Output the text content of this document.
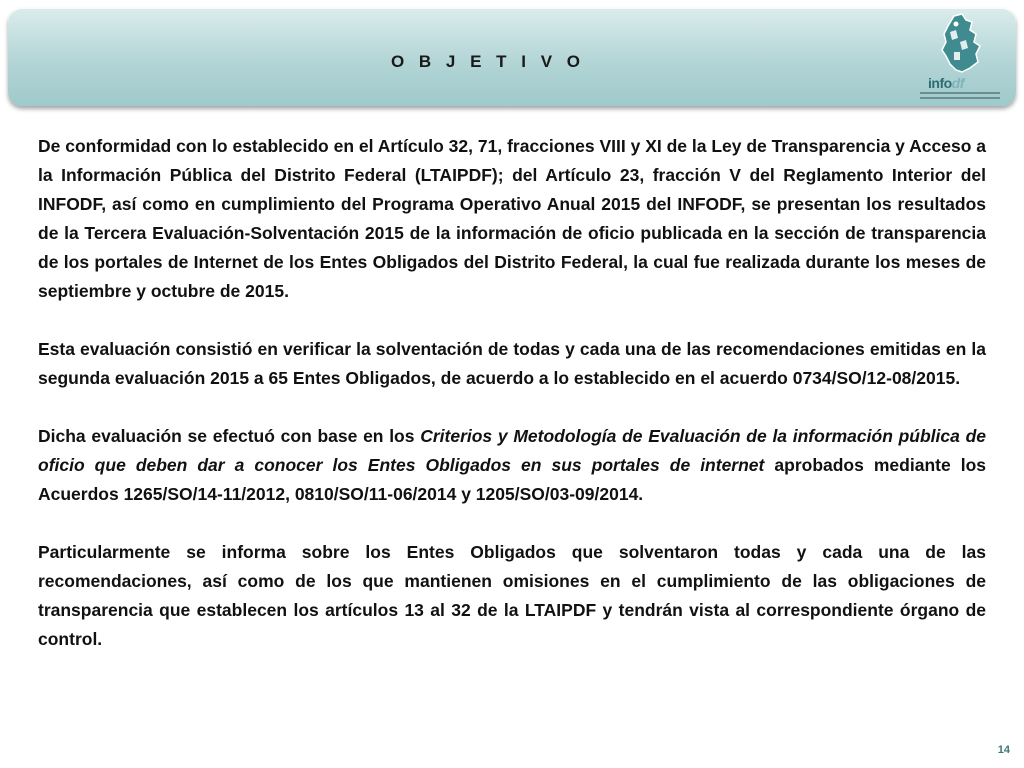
O B J E T I V O
infodf

De conformidad con lo establecido en el Artículo 32, 71, fracciones VIII y XI de la Ley de Transparencia y Acceso a la Información Pública del Distrito Federal (LTAIPDF); del Artículo 23, fracción V del Reglamento Interior del INFODF, así como en cumplimiento del Programa Operativo Anual 2015 del INFODF, se presentan los resultados de la Tercera Evaluación-Solventación 2015 de la información de oficio publicada en la sección de transparencia de los portales de Internet de los Entes Obligados del Distrito Federal, la cual fue realizada durante los meses de septiembre y octubre de 2015.

Esta evaluación consistió en verificar la solventación de todas y cada una de las recomendaciones emitidas en la segunda evaluación 2015 a 65 Entes Obligados, de acuerdo a lo establecido en el acuerdo 0734/SO/12-08/2015.

Dicha evaluación se efectuó con base en los Criterios y Metodología de Evaluación de la información pública de oficio que deben dar a conocer los Entes Obligados en sus portales de internet aprobados mediante los Acuerdos 1265/SO/14-11/2012, 0810/SO/11-06/2014 y 1205/SO/03-09/2014.

Particularmente se informa sobre los Entes Obligados que solventaron todas y cada una de las recomendaciones, así como de los que mantienen omisiones en el cumplimiento de las obligaciones de transparencia que establecen los artículos 13 al 32 de la LTAIPDF y tendrán vista al correspondiente órgano de control.

14
